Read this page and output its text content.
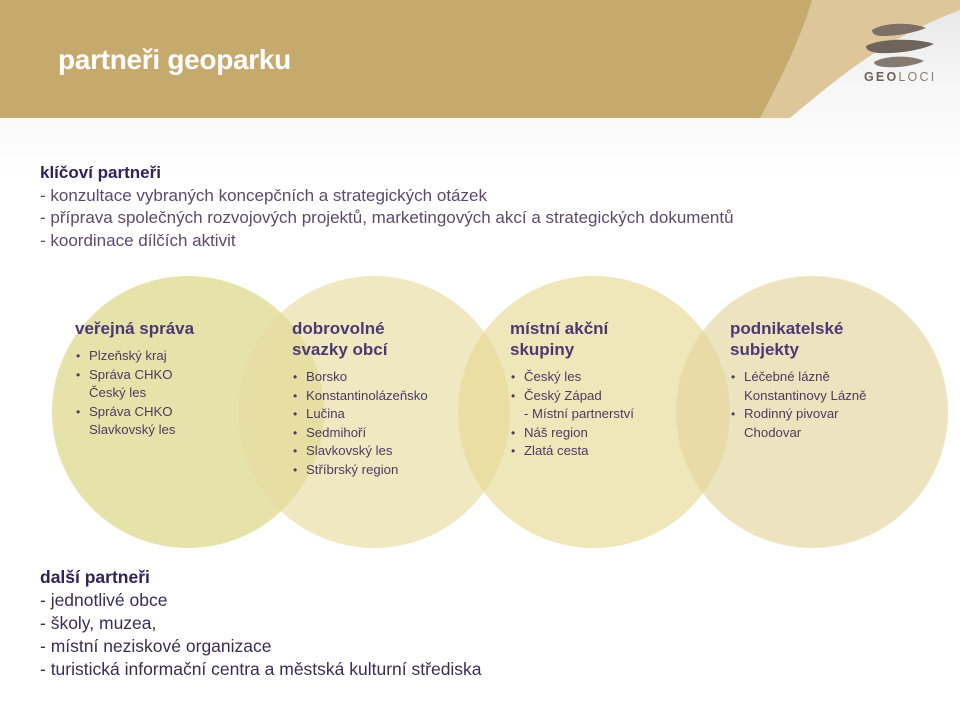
partneři geoparku
GEOLOCI
klíčoví partneři
- konzultace vybraných koncepčních a strategických otázek
- příprava společných rozvojových projektů, marketingových akcí a strategických dokumentů
- koordinace dílčích aktivit
veřejná správa
• Plzeňský kraj
• Správa CHKO
Český les
• Správa CHKO
Slavkovský les
dobrovolné svazky obcí
• Borsko
• Konstantinolázeňsko
• Lučina
• Sedmihoří
• Slavkovský les
• Stříbrský region
místní akční skupiny
• Český les
• Český Západ
- Místní partnerství
• Náš region
• Zlatá cesta
podnikatelské subjekty
• Léčebné lázně
Konstantinovy Lázně
• Rodinný pivovar
Chodovar
další partneři
- jednotlivé obce
- školy, muzea,
- místní neziskové organizace
- turistická informační centra a městská kulturní střediska
